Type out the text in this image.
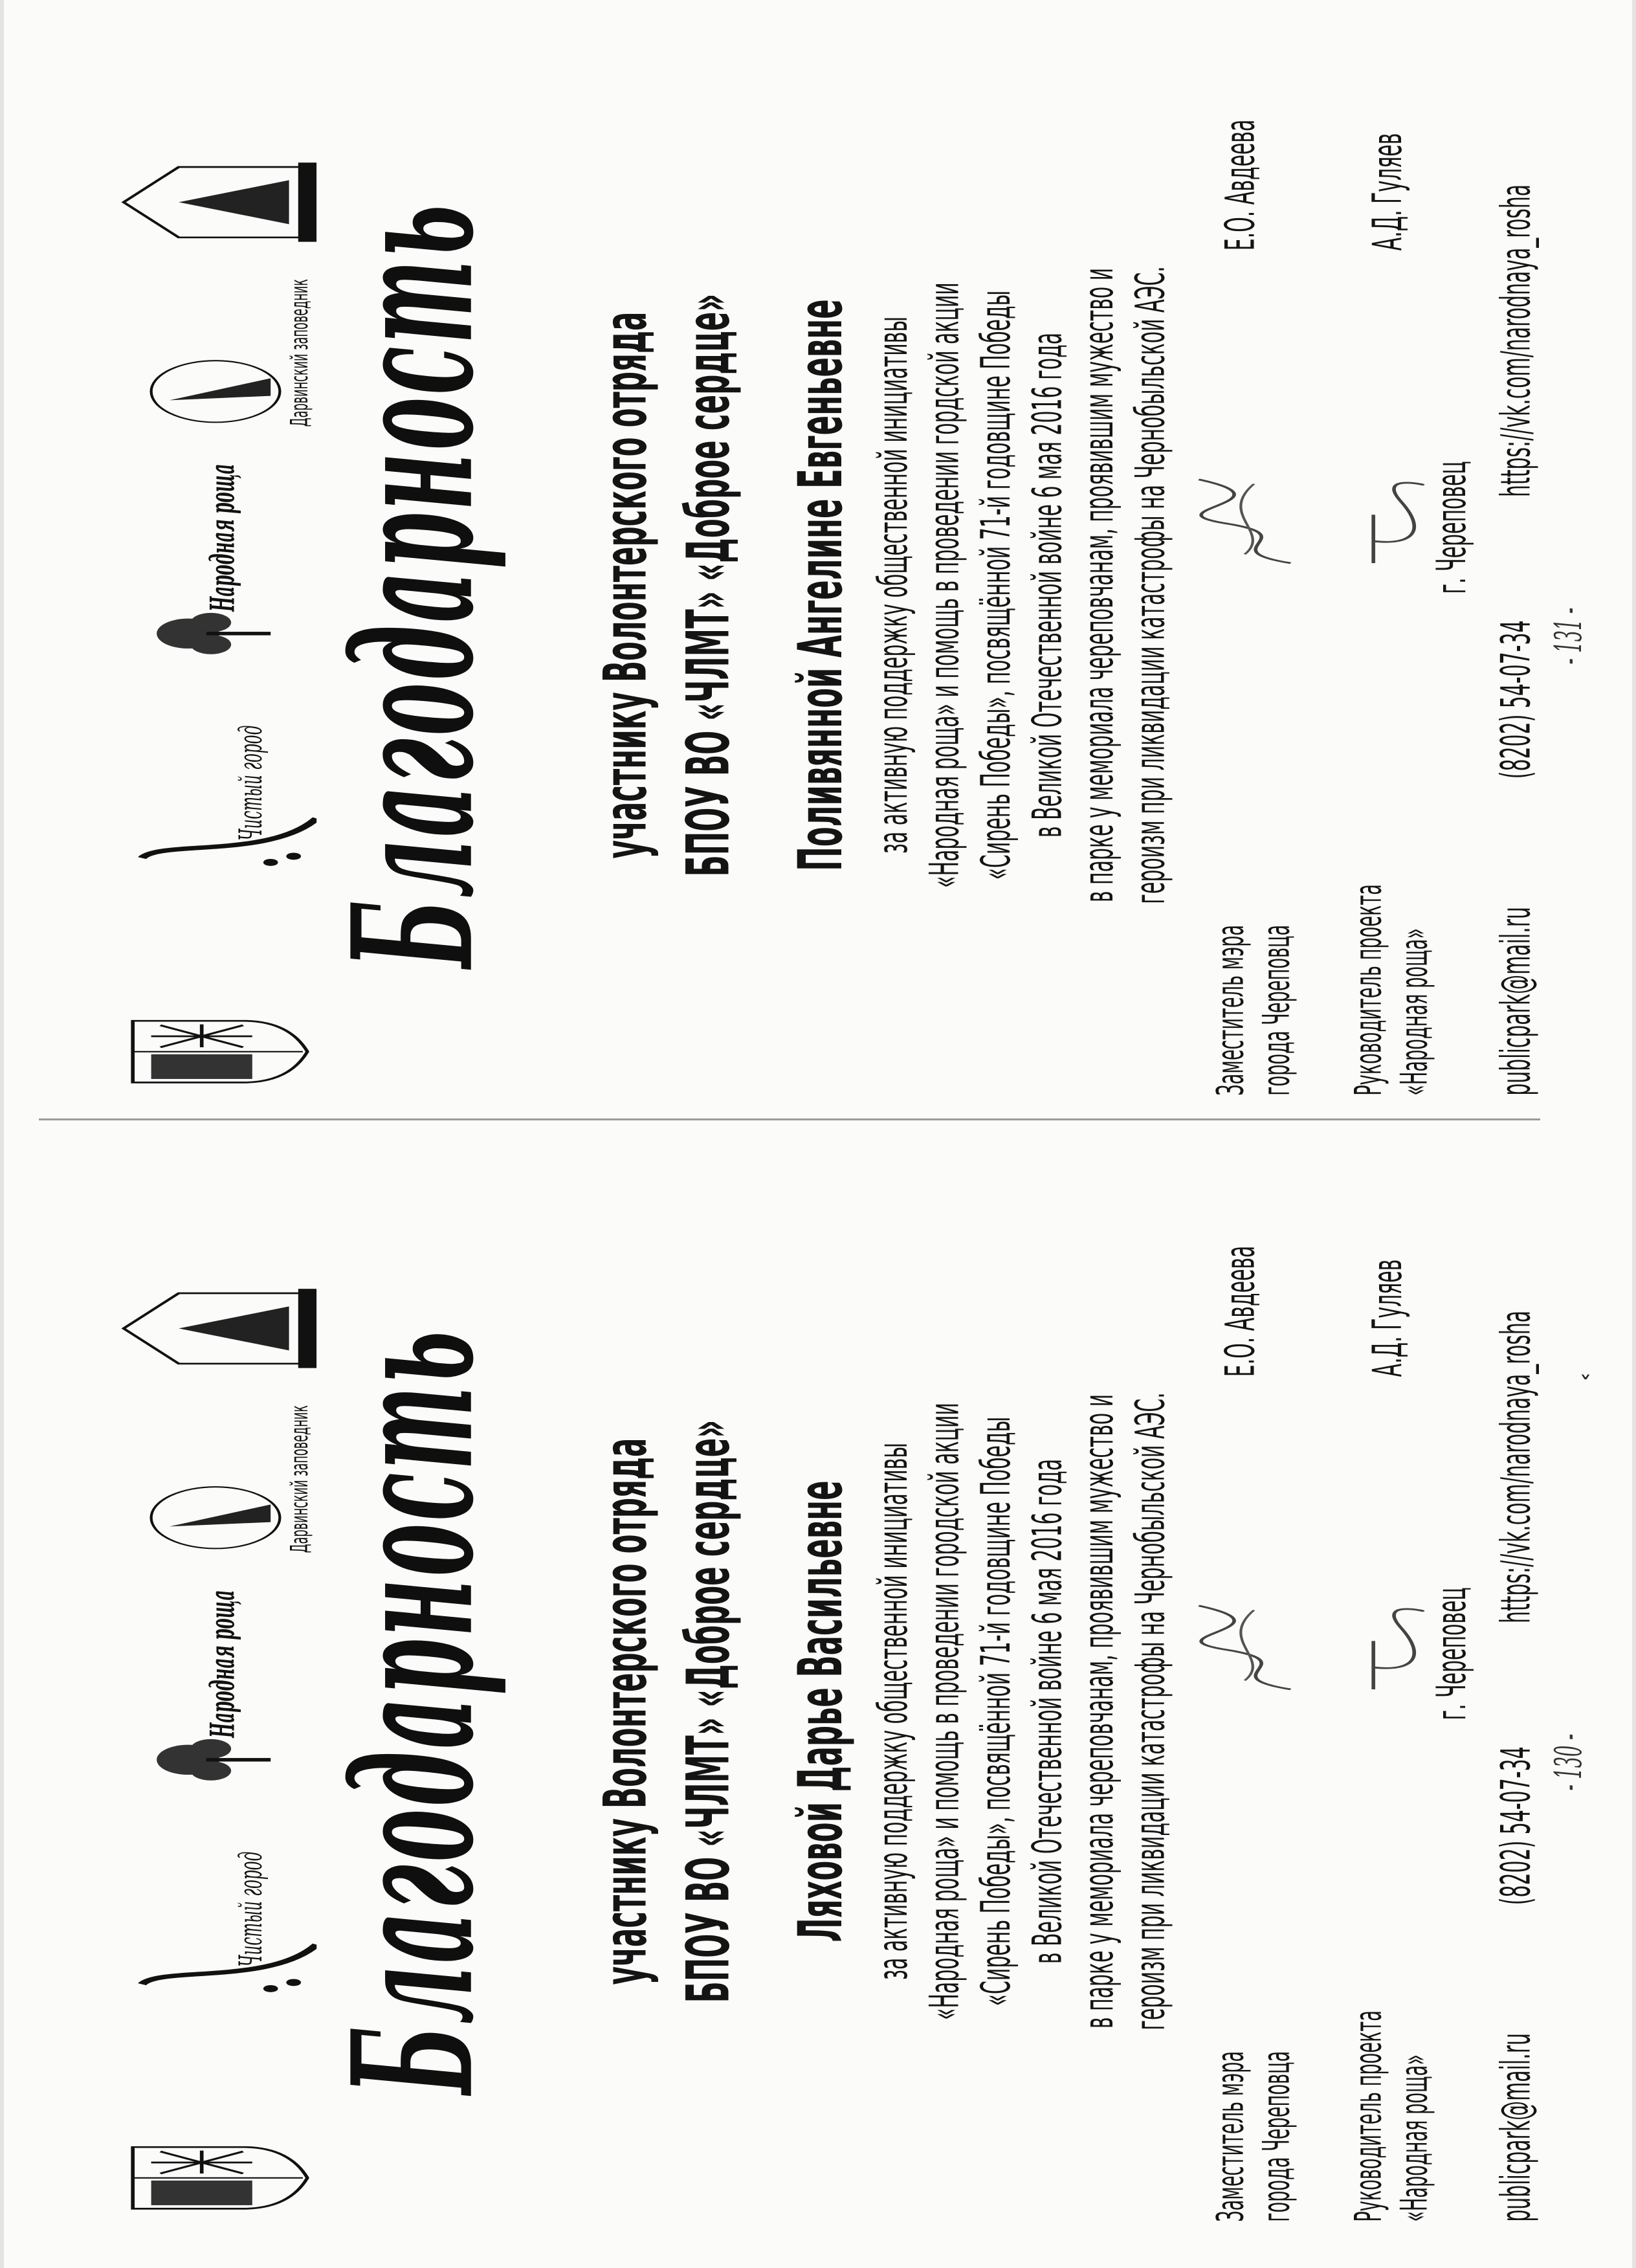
ˇ
Чистый город
Народная роща
Дарвинский заповедник Благодарность участнику Волонтерского отряда БПОУ ВО «ЧЛМТ» «Доброе сердце» Поливянной Ангелине Евгеньевне за активную поддержку общественной инициативы «Народная роща» и помощь в проведении гордской акции «Сирень Победы», посвящённой 71-й годовщине Победы в Великой Отечественной войне 6 мая 2016 года в парке у мемориала череповчанам, проявившим мужество и героизм при ликвидации катастрофы на Чернобыльской АЭС.
Заместитель мэра города Череповца
Е.О. Авдеева
Руководитель проекта «Народная роща»
А.Д. Гуляев
г. Череповец
publicpark@mail.ru
(8202) 54-07-34
https://vk.com/narodnaya_rosha
- 131 -
Чистый город
Народная роща
Дарвинский заповедник Благодарность участнику Волонтерского отряда БПОУ ВО «ЧЛМТ» «Доброе сердце» Ляховой Дарье Васильевне за активную поддержку общественной инициативы «Народная роща» и помощь в проведении городской акции «Сирень Победы», посвящённой 71-й годовщине Победы в Великой Отечественной войне 6 мая 2016 года в парке у мемориала череповчанам, проявившим мужество и героизм при ликвидации катастрофы на Чернобыльской АЭС.
Заместитель мэра города Череповца
Е.О. Авдеева
Руководитель проекта «Народная роща»
А.Д. Гуляев
г. Череповец
publicpark@mail.ru
(8202) 54-07-34
https://vk.com/narodnaya_rosha
- 130 -
